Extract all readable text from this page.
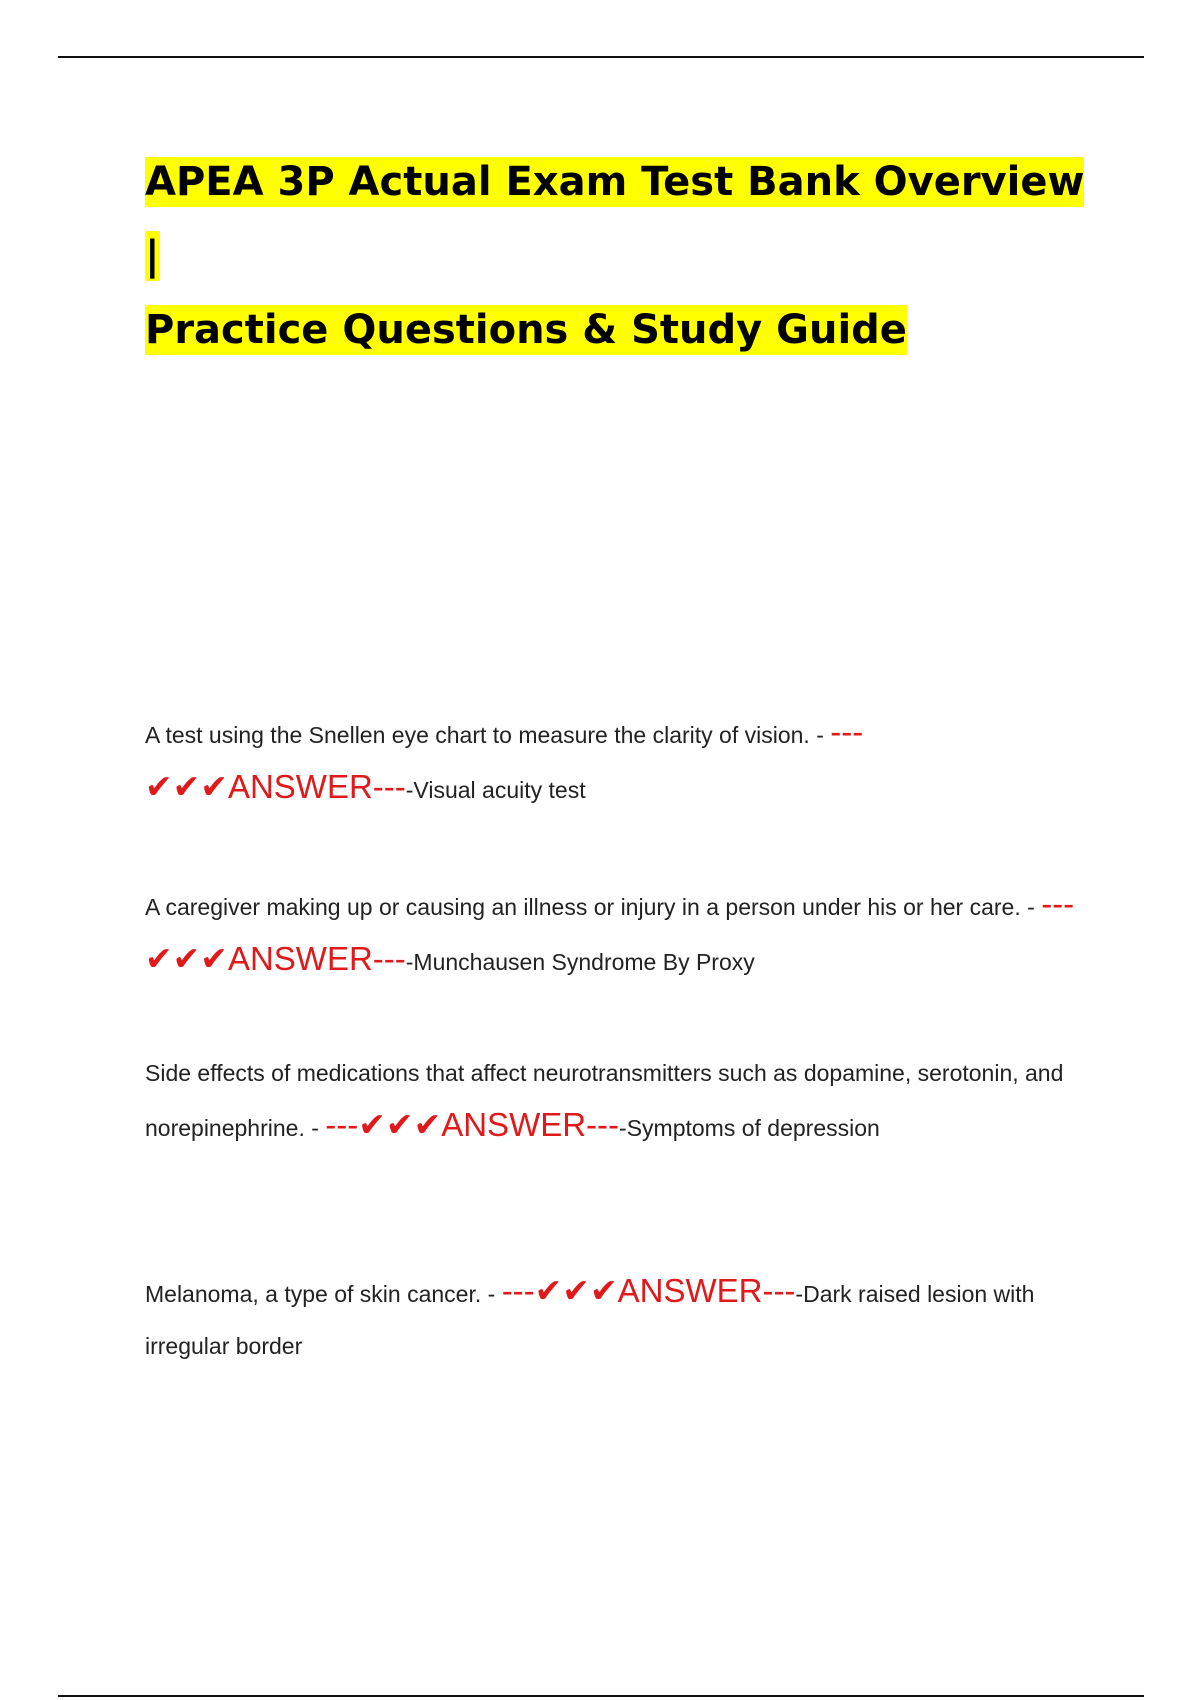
APEA 3P Actual Exam Test Bank Overview |
Practice Questions & Study Guide

A test using the Snellen eye chart to measure the clarity of vision. - ---✔✔✔ANSWER----Visual acuity test

A caregiver making up or causing an illness or injury in a person under his or her care. - ---✔✔✔ANSWER----Munchausen Syndrome By Proxy

Side effects of medications that affect neurotransmitters such as dopamine, serotonin, and norepinephrine. - ---✔✔✔ANSWER----Symptoms of depression

Melanoma, a type of skin cancer. - ---✔✔✔ANSWER----Dark raised lesion with irregular border
